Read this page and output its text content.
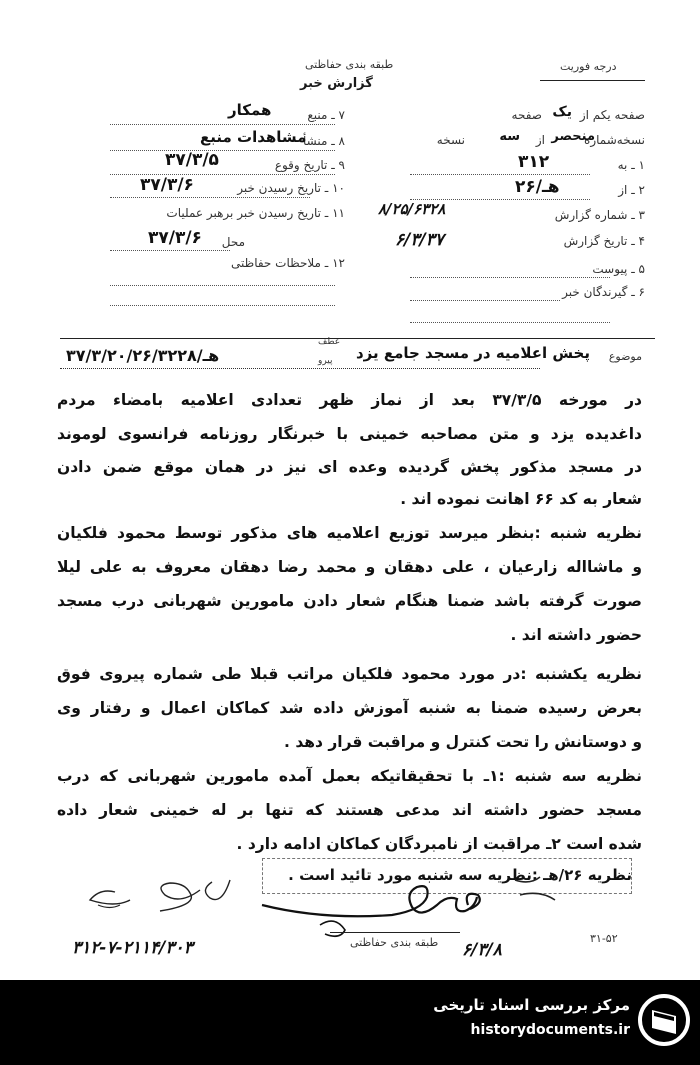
طبقه بندی حفاظتی
گزارش خبر
درجه فوریت
۷ ـ منبع
همکار
۸ ـ منشأ
مشاهدات منبع
۹ ـ تاریخ وقوع
۳۷/۳/۵
۱۰ ـ تاریخ رسیدن خبر
۳۷/۳/۶
۱۱ ـ تاریخ رسیدن خبر برهبر عملیات
محل
۳۷/۳/۶
۱۲ ـ ملاحظات حفاظتی
صفحه یکم از
یک
صفحه
نسخه‌شماره
منحصر
از
سه
نسخه
۱ ـ به
۳۱۲
۲ ـ از
۲۶/هـ
۳ ـ شماره گزارش
۸/۲۵/۶۳۲۸
۴ ـ تاریخ گزارش
۶/۳/۳۷
۵ ـ پیوست
۶ ـ گیرندگان خبر
موضوع
پخش اعلامیه در مسجد جامع یزد
عطف
پیرو
۳۷/۳/۲۰/هـ/۲۶/۳۲۲۸
در مورخه ۳۷/۳/۵ بعد از نماز ظهر تعدادی اعلامیه بامضاء مردم
داغدیده یزد و متن مصاحبه خمینی با خبرنگار روزنامه فرانسوی لوموند
در مسجد مذکور پخش گردیده وعده ای نیز در همان موقع ضمن دادن
شعار به کد ۶۶ اهانت نموده اند .
نظریه شنبه :بنظر میرسد توزیع اعلامیه های مذکور توسط محمود فلکیان
و ماشااله زارعیان ، علی دهقان و محمد رضا دهقان معروف به علی لیلا
صورت گرفته باشد ضمنا هنگام شعار دادن مامورین شهربانی درب مسجد
حضور داشته اند .
نظریه یکشنبه :در مورد محمود فلکیان مراتب قبلا طی شماره پیروی فوق
بعرض رسیده ضمنا به شنبه آموزش داده شد کماکان اعمال و رفتار وی
و دوستانش را تحت کنترل و مراقبت قرار دهد .
نظریه سه شنبه :۱ـ با تحقیقاتیکه بعمل آمده مامورین شهربانی که درب
مسجد حضور داشته اند مدعی هستند که تنها بر له خمینی شعار داده
شده است ۲ـ مراقبت از نامبردگان کماکان ادامه دارد .
نظریه ۲۶/هـ :نظریه سه شنبه مورد تائید است .
۳۱۲-۷-۲۱۱۴/۳۰۳	طبقه بندی حفاظتی	۳۱-۵۲
۶/۳/۸
مرکز بررسی اسناد تاریخی
historydocuments.ir
